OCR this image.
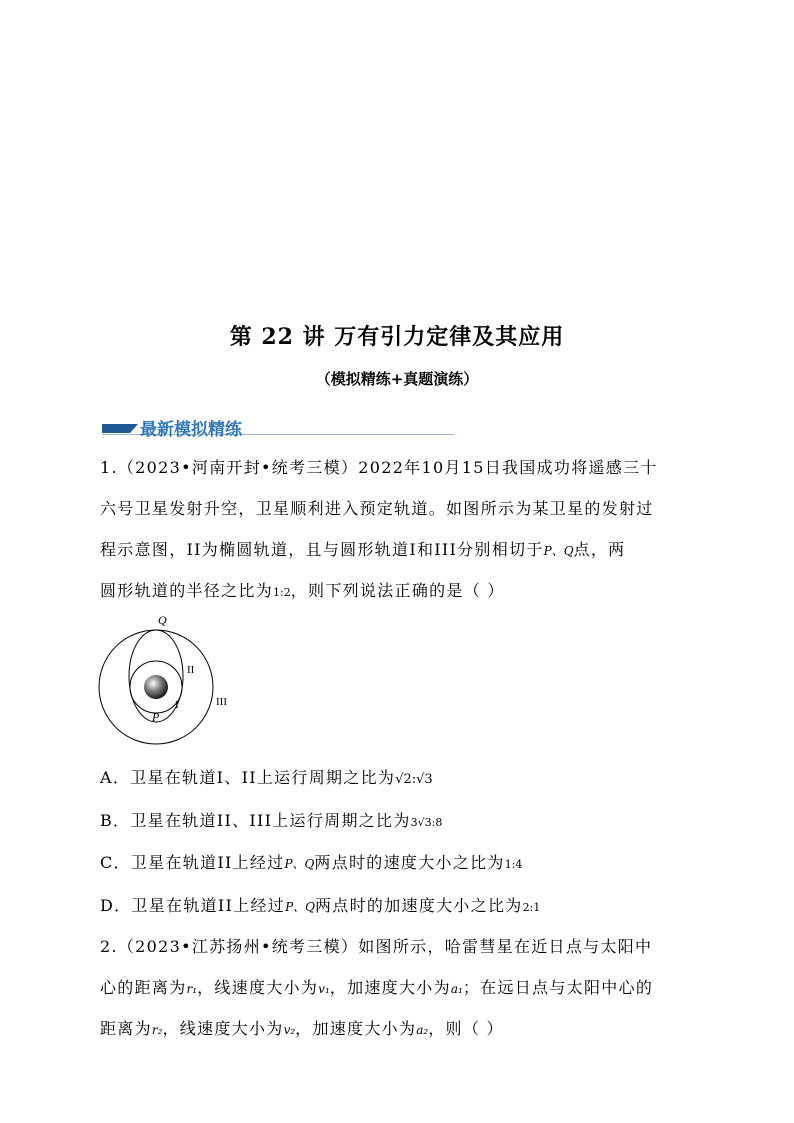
第 22 讲 万有引力定律及其应用
（模拟精练+真题演练）
最新模拟精练
1.（2023•河南开封•统考三模）2022年10月15日我国成功将遥感三十
六号卫星发射升空，卫星顺利进入预定轨道。如图所示为某卫星的发射过
程示意图，II为椭圆轨道，且与圆形轨道I和III分别相切于P、Q点，两
圆形轨道的半径之比为1:2，则下列说法正确的是（ ）
Q
P
I
II
III
A．卫星在轨道I、II上运行周期之比为√2:√3
B．卫星在轨道II、III上运行周期之比为3√3:8
C．卫星在轨道II上经过P、Q两点时的速度大小之比为1:4
D．卫星在轨道II上经过P、Q两点时的加速度大小之比为2:1
2.（2023•江苏扬州•统考三模）如图所示，哈雷彗星在近日点与太阳中
心的距离为r₁，线速度大小为v₁，加速度大小为a₁；在远日点与太阳中心的
距离为r₂，线速度大小为v₂，加速度大小为a₂，则（ ）
